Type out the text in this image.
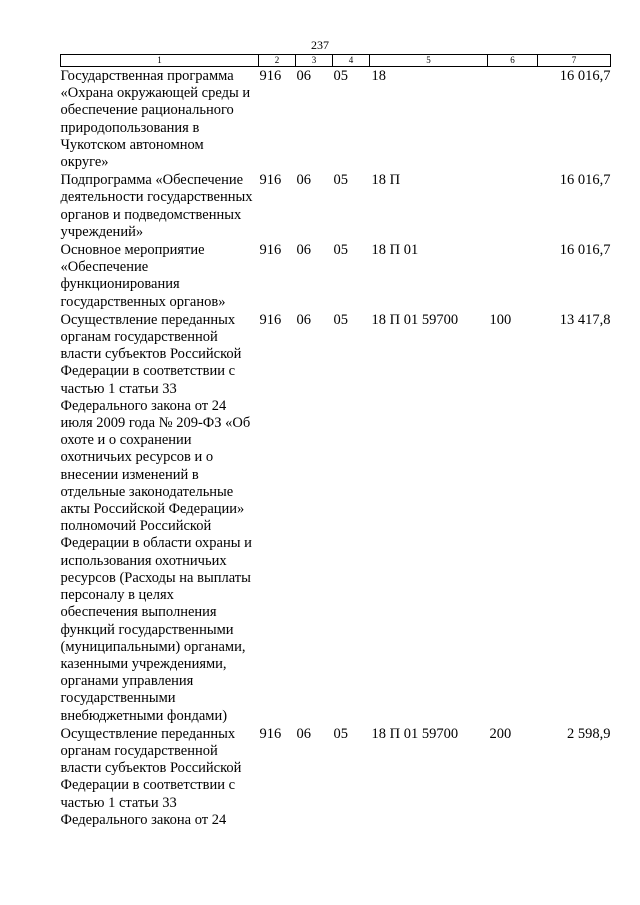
237
1	2	3	4	5	6	7
Государственная программа «Охрана окружающей среды и обеспечение рационального природопользования в Чукотском автономном округе»	916	06	05	18		16 016,7
Подпрограмма «Обеспечение деятельности государственных органов и подведомственных учреждений»	916	06	05	18 П		16 016,7
Основное мероприятие «Обеспечение функционирования государственных органов»	916	06	05	18 П 01		16 016,7
Осуществление переданных органам государственной власти субъектов Российской Федерации в соответствии с частью 1 статьи 33 Федерального закона от 24 июля 2009 года № 209-ФЗ «Об охоте и о сохранении охотничьих ресурсов и о внесении изменений в отдельные законодательные акты Российской Федерации» полномочий Российской Федерации в области охраны и использования охотничьих ресурсов (Расходы на выплаты персоналу в целях обеспечения выполнения функций государственными (муниципальными) органами, казенными учреждениями, органами управления государственными внебюджетными фондами)	916	06	05	18 П 01 59700	100	13 417,8
Осуществление переданных органам государственной власти субъектов Российской Федерации в соответствии с частью 1 статьи 33 Федерального закона от 24	916	06	05	18 П 01 59700	200	2 598,9
